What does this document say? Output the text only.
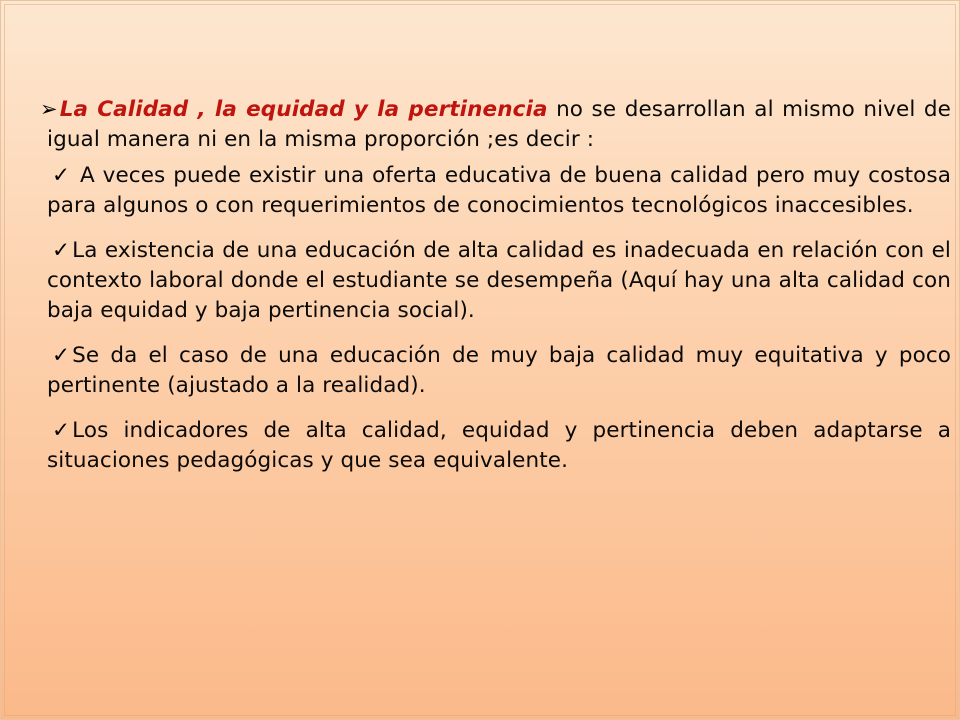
➢La Calidad , la equidad y la pertinencia no se desarrollan al mismo nivel de igual manera ni en la misma proporción ;es decir :

✓ A veces puede existir una oferta educativa de buena calidad pero muy costosa para algunos o con requerimientos de conocimientos tecnológicos inaccesibles.

✓La existencia de una educación de alta calidad es inadecuada en relación con el contexto laboral donde el estudiante se desempeña (Aquí hay una alta calidad con baja equidad y baja pertinencia social).

✓Se da el caso de una educación de muy baja calidad muy equitativa y poco pertinente (ajustado a la realidad).

✓Los indicadores de alta calidad, equidad y pertinencia deben adaptarse a situaciones pedagógicas y que sea equivalente.
